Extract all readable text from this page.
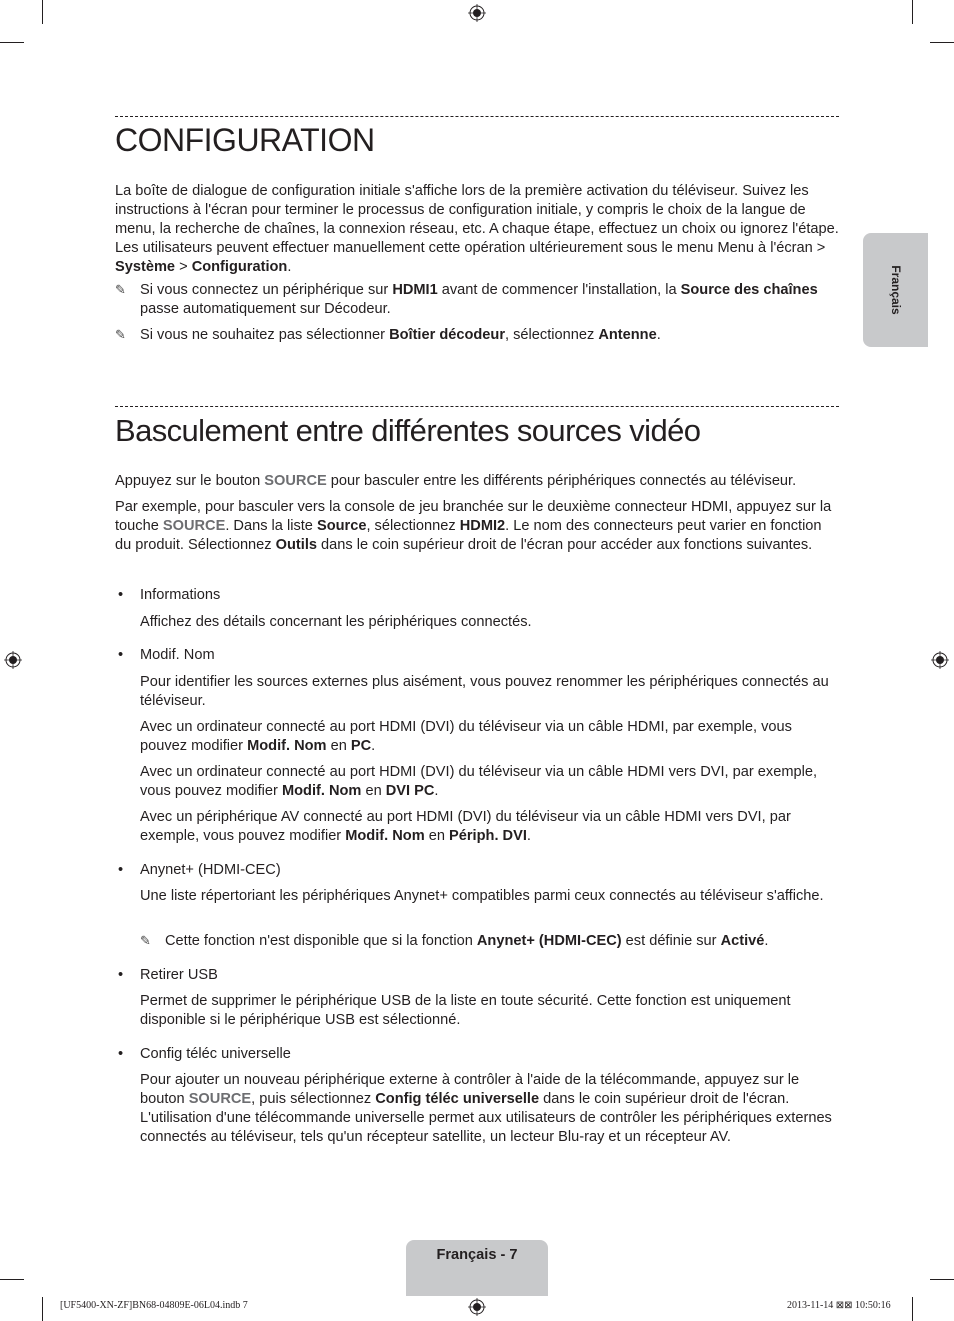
Français
CONFIGURATION

La boîte de dialogue de configuration initiale s'affiche lors de la première activation du téléviseur. Suivez les instructions à l'écran pour terminer le processus de configuration initiale, y compris le choix de la langue de menu, la recherche de chaînes, la connexion réseau, etc. A chaque étape, effectuez un choix ou ignorez l'étape. Les utilisateurs peuvent effectuer manuellement cette opération ultérieurement sous le menu Menu à l'écran > Système > Configuration.

✎ Si vous connectez un périphérique sur HDMI1 avant de commencer l'installation, la Source des chaînes passe automatiquement sur Décodeur.

✎ Si vous ne souhaitez pas sélectionner Boîtier décodeur, sélectionnez Antenne.

Basculement entre différentes sources vidéo

Appuyez sur le bouton SOURCE pour basculer entre les différents périphériques connectés au téléviseur.

Par exemple, pour basculer vers la console de jeu branchée sur le deuxième connecteur HDMI, appuyez sur la touche SOURCE. Dans la liste Source, sélectionnez HDMI2. Le nom des connecteurs peut varier en fonction du produit. Sélectionnez Outils dans le coin supérieur droit de l'écran pour accéder aux fonctions suivantes.

• Informations

Affichez des détails concernant les périphériques connectés.

• Modif. Nom

Pour identifier les sources externes plus aisément, vous pouvez renommer les périphériques connectés au téléviseur.

Avec un ordinateur connecté au port HDMI (DVI) du téléviseur via un câble HDMI, par exemple, vous pouvez modifier Modif. Nom en PC.

Avec un ordinateur connecté au port HDMI (DVI) du téléviseur via un câble HDMI vers DVI, par exemple, vous pouvez modifier Modif. Nom en DVI PC.

Avec un périphérique AV connecté au port HDMI (DVI) du téléviseur via un câble HDMI vers DVI, par exemple, vous pouvez modifier Modif. Nom en Périph. DVI.

• Anynet+ (HDMI-CEC)

Une liste répertoriant les périphériques Anynet+ compatibles parmi ceux connectés au téléviseur s'affiche.

✎ Cette fonction n'est disponible que si la fonction Anynet+ (HDMI-CEC) est définie sur Activé.

• Retirer USB

Permet de supprimer le périphérique USB de la liste en toute sécurité. Cette fonction est uniquement disponible si le périphérique USB est sélectionné.

• Config téléc universelle

Pour ajouter un nouveau périphérique externe à contrôler à l'aide de la télécommande, appuyez sur le bouton SOURCE, puis sélectionnez Config téléc universelle dans le coin supérieur droit de l'écran. L'utilisation d'une télécommande universelle permet aux utilisateurs de contrôler les périphériques externes connectés au téléviseur, tels qu'un récepteur satellite, un lecteur Blu-ray et un récepteur AV.

Français - 7
[UF5400-XN-ZF]BN68-04809E-06L04.indb 7	2013-11-14 ⊠⊠ 10:50:16
